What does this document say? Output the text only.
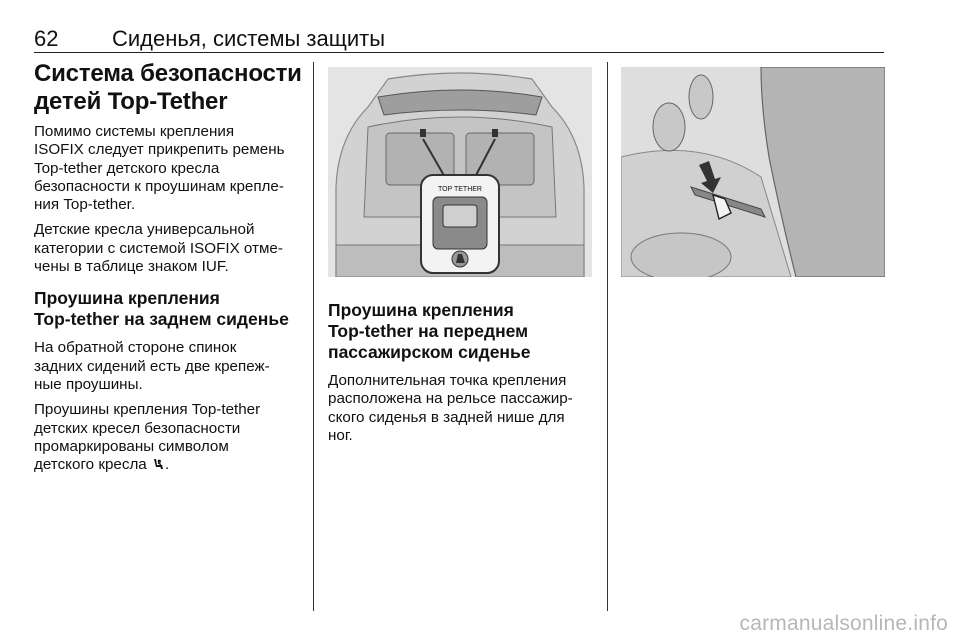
62 Сиденья, системы защиты
Система безопасности
детей Top-Tether

Помимо системы крепления
ISOFIX следует прикрепить ремень
Top-tether детского кресла
безопасности к проушинам крепле-
ния Top-tether.

Детские кресла универсальной
категории с системой ISOFIX отме-
чены в таблице знаком IUF.

Проушина крепления
Top-tether на заднем сиденье

На обратной стороне спинок
задних сидений есть две крепеж-
ные проушины.

Проушины крепления Top-tether
детских кресел безопасности
промаркированы символом
детского кресла .

TOP TETHER
Проушина крепления
Top-tether на переднем
пассажирском сиденье

Дополнительная точка крепления
расположена на рельсе пассажир-
ского сиденья в задней нише для
ног.

carmanualsonline.info
